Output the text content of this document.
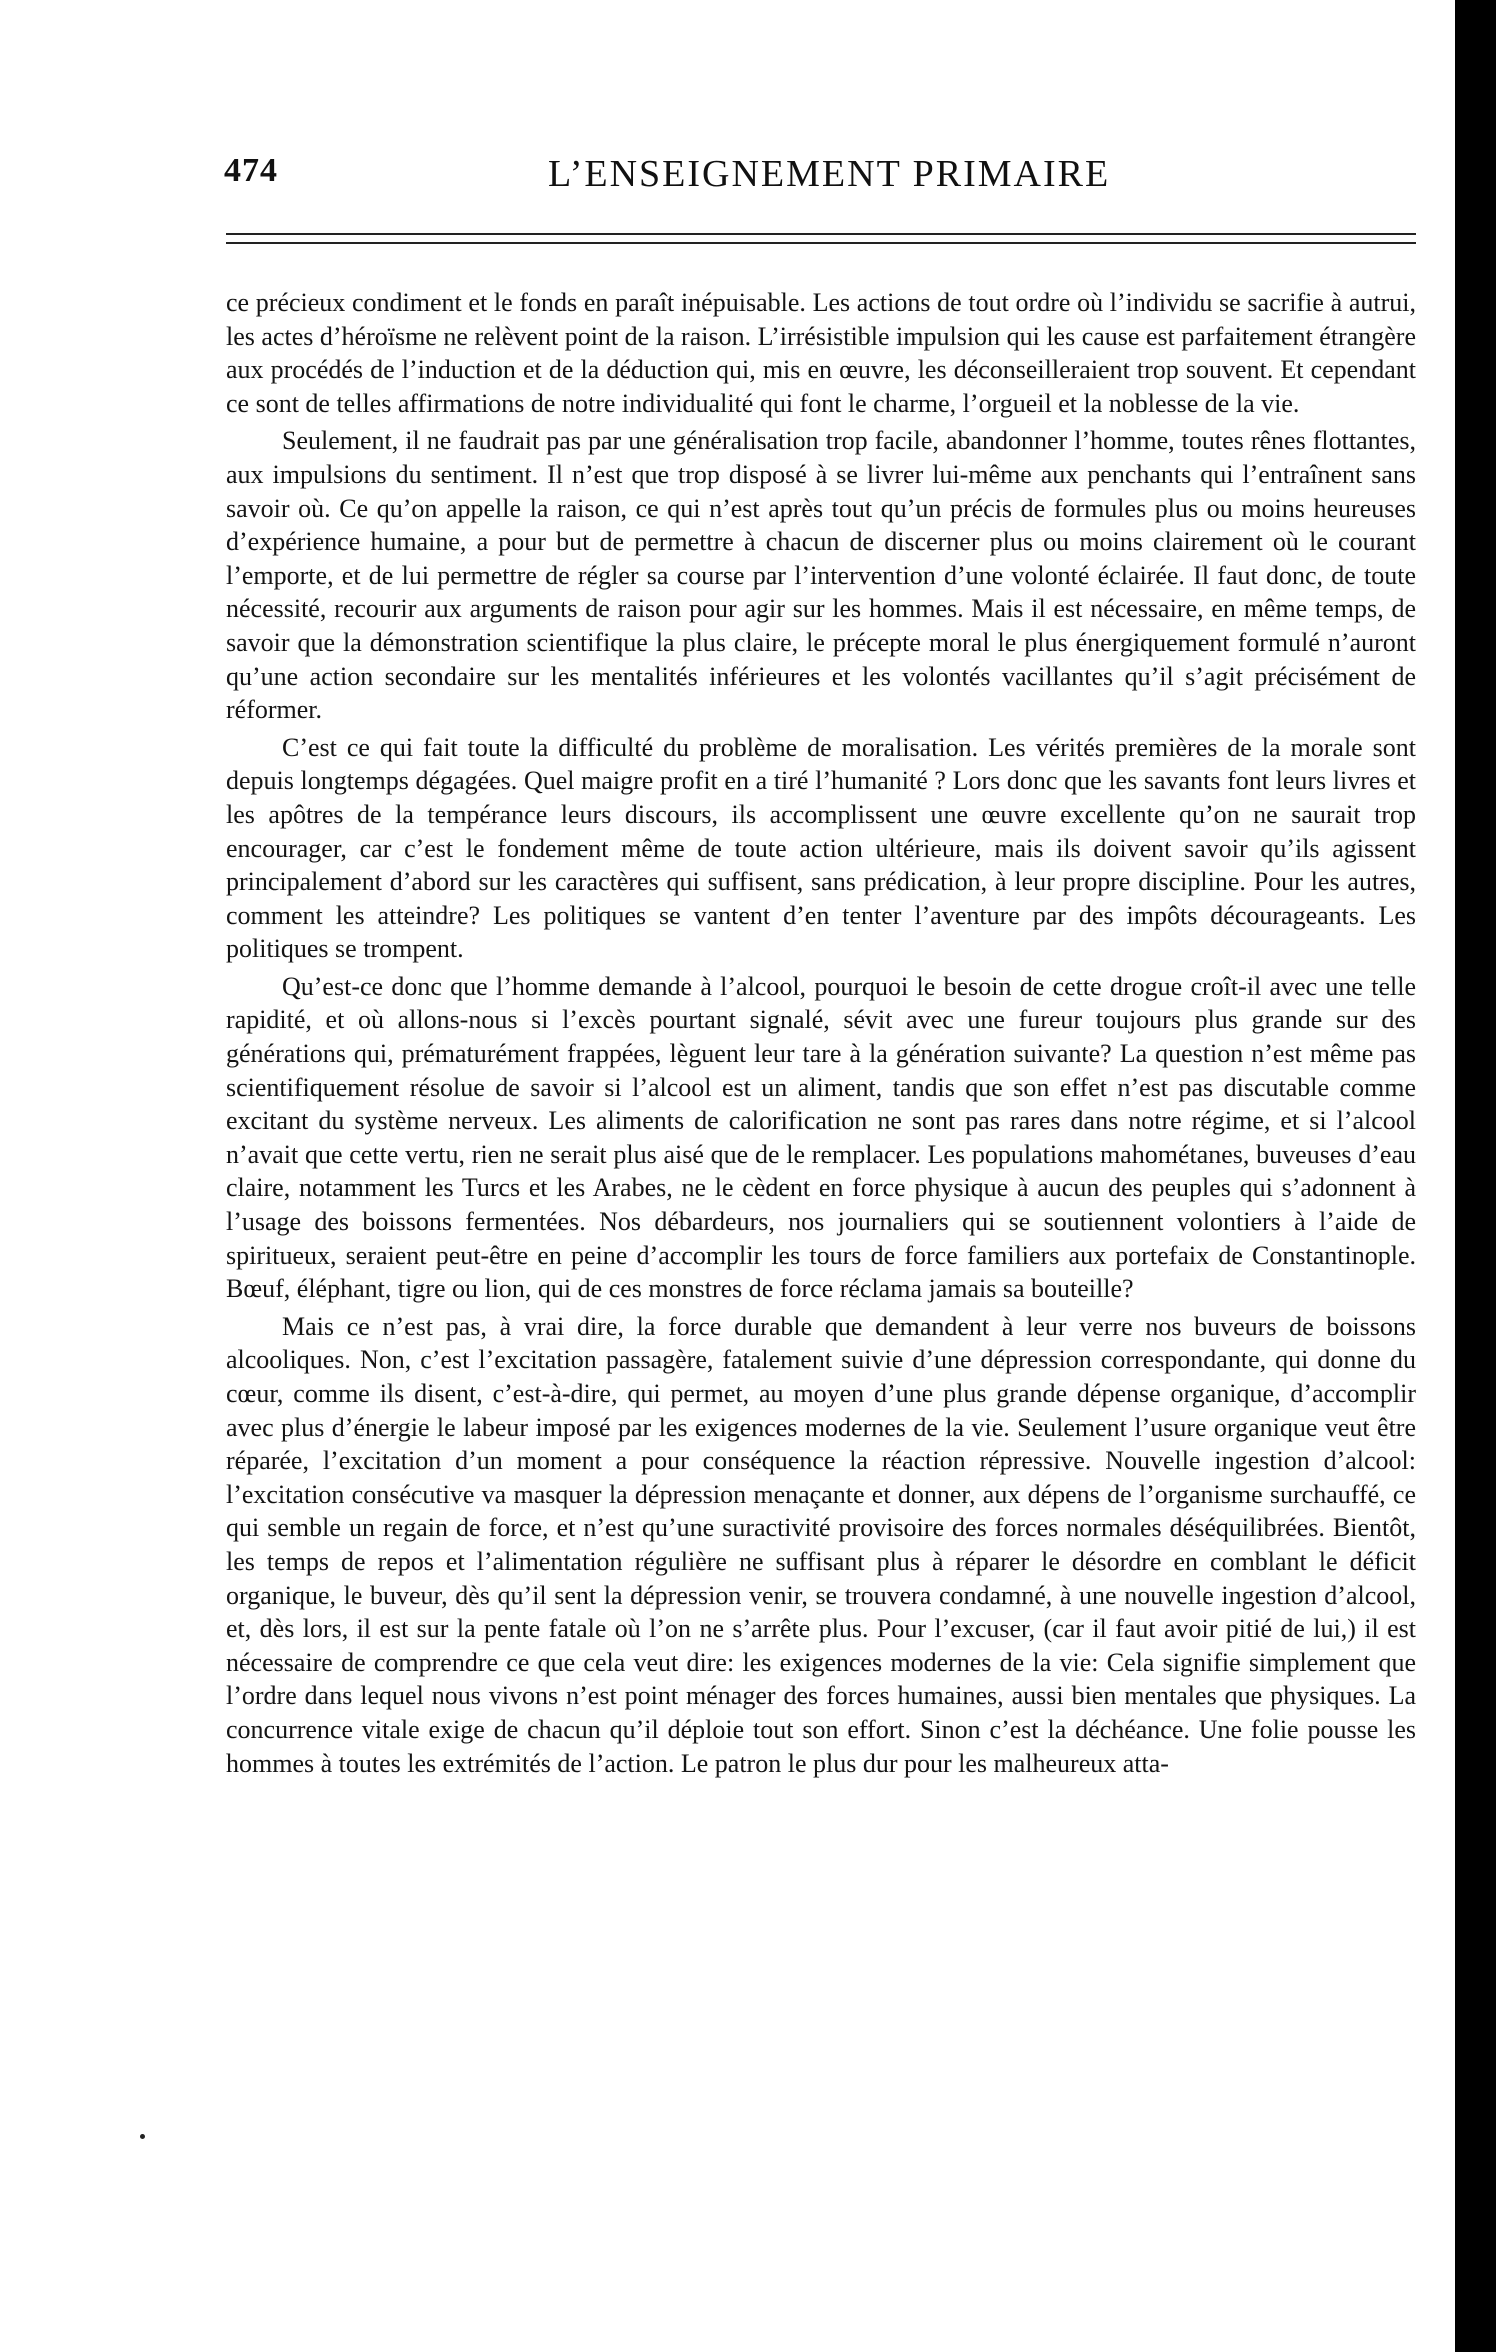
474	L’ENSEIGNEMENT PRIMAIRE

ce précieux condiment et le fonds en paraît inépuisable. Les actions de tout ordre où l’individu se sacrifie à autrui, les actes d’héroïsme ne relèvent point de la raison. L’irrésistible impulsion qui les cause est parfaitement étrangère aux procédés de l’induction et de la déduction qui, mis en œuvre, les déconseilleraient trop souvent. Et cependant ce sont de telles affirmations de notre individualité qui font le charme, l’orgueil et la noblesse de la vie.

Seulement, il ne faudrait pas par une généralisation trop facile, abandonner l’homme, toutes rênes flottantes, aux impulsions du sentiment. Il n’est que trop disposé à se livrer lui-même aux penchants qui l’entraînent sans savoir où. Ce qu’on appelle la raison, ce qui n’est après tout qu’un précis de formules plus ou moins heureuses d’expérience humaine, a pour but de permettre à chacun de discerner plus ou moins clairement où le courant l’emporte, et de lui permettre de régler sa course par l’intervention d’une volonté éclairée. Il faut donc, de toute nécessité, recourir aux arguments de raison pour agir sur les hommes. Mais il est nécessaire, en même temps, de savoir que la démonstration scientifique la plus claire, le précepte moral le plus énergiquement formulé n’auront qu’une action secondaire sur les mentalités inférieures et les volontés vacillantes qu’il s’agit précisément de réformer.

C’est ce qui fait toute la difficulté du problème de moralisation. Les vérités premières de la morale sont depuis longtemps dégagées. Quel maigre profit en a tiré l’humanité ? Lors donc que les savants font leurs livres et les apôtres de la tempérance leurs discours, ils accomplissent une œuvre excellente qu’on ne saurait trop encourager, car c’est le fondement même de toute action ultérieure, mais ils doivent savoir qu’ils agissent principalement d’abord sur les caractères qui suffisent, sans prédication, à leur propre discipline. Pour les autres, comment les atteindre? Les politiques se vantent d’en tenter l’aventure par des impôts décourageants. Les politiques se trompent.

Qu’est-ce donc que l’homme demande à l’alcool, pourquoi le besoin de cette drogue croît-il avec une telle rapidité, et où allons-nous si l’excès pourtant signalé, sévit avec une fureur toujours plus grande sur des générations qui, prématurément frappées, lèguent leur tare à la génération suivante? La question n’est même pas scientifiquement résolue de savoir si l’alcool est un aliment, tandis que son effet n’est pas discutable comme excitant du système nerveux. Les aliments de calorification ne sont pas rares dans notre régime, et si l’alcool n’avait que cette vertu, rien ne serait plus aisé que de le remplacer. Les populations mahométanes, buveuses d’eau claire, notamment les Turcs et les Arabes, ne le cèdent en force physique à aucun des peuples qui s’adonnent à l’usage des boissons fermentées. Nos débardeurs, nos journaliers qui se soutiennent volontiers à l’aide de spiritueux, seraient peut-être en peine d’accomplir les tours de force familiers aux portefaix de Constantinople. Bœuf, éléphant, tigre ou lion, qui de ces monstres de force réclama jamais sa bouteille?

Mais ce n’est pas, à vrai dire, la force durable que demandent à leur verre nos buveurs de boissons alcooliques. Non, c’est l’excitation passagère, fatalement suivie d’une dépression correspondante, qui donne du cœur, comme ils disent, c’est-à-dire, qui permet, au moyen d’une plus grande dépense organique, d’accomplir avec plus d’énergie le labeur imposé par les exigences modernes de la vie. Seulement l’usure organique veut être réparée, l’excitation d’un moment a pour conséquence la réaction répressive. Nouvelle ingestion d’alcool: l’excitation consécutive va masquer la dépression menaçante et donner, aux dépens de l’organisme surchauffé, ce qui semble un regain de force, et n’est qu’une suractivité provisoire des forces normales déséquilibrées. Bientôt, les temps de repos et l’alimentation régulière ne suffisant plus à réparer le désordre en comblant le déficit organique, le buveur, dès qu’il sent la dépression venir, se trouvera condamné, à une nouvelle ingestion d’alcool, et, dès lors, il est sur la pente fatale où l’on ne s’arrête plus. Pour l’excuser, (car il faut avoir pitié de lui,) il est nécessaire de comprendre ce que cela veut dire: les exigences modernes de la vie: Cela signifie simplement que l’ordre dans lequel nous vivons n’est point ménager des forces humaines, aussi bien mentales que physiques. La concurrence vitale exige de chacun qu’il déploie tout son effort. Sinon c’est la déchéance. Une folie pousse les hommes à toutes les extrémités de l’action. Le patron le plus dur pour les malheureux atta-
